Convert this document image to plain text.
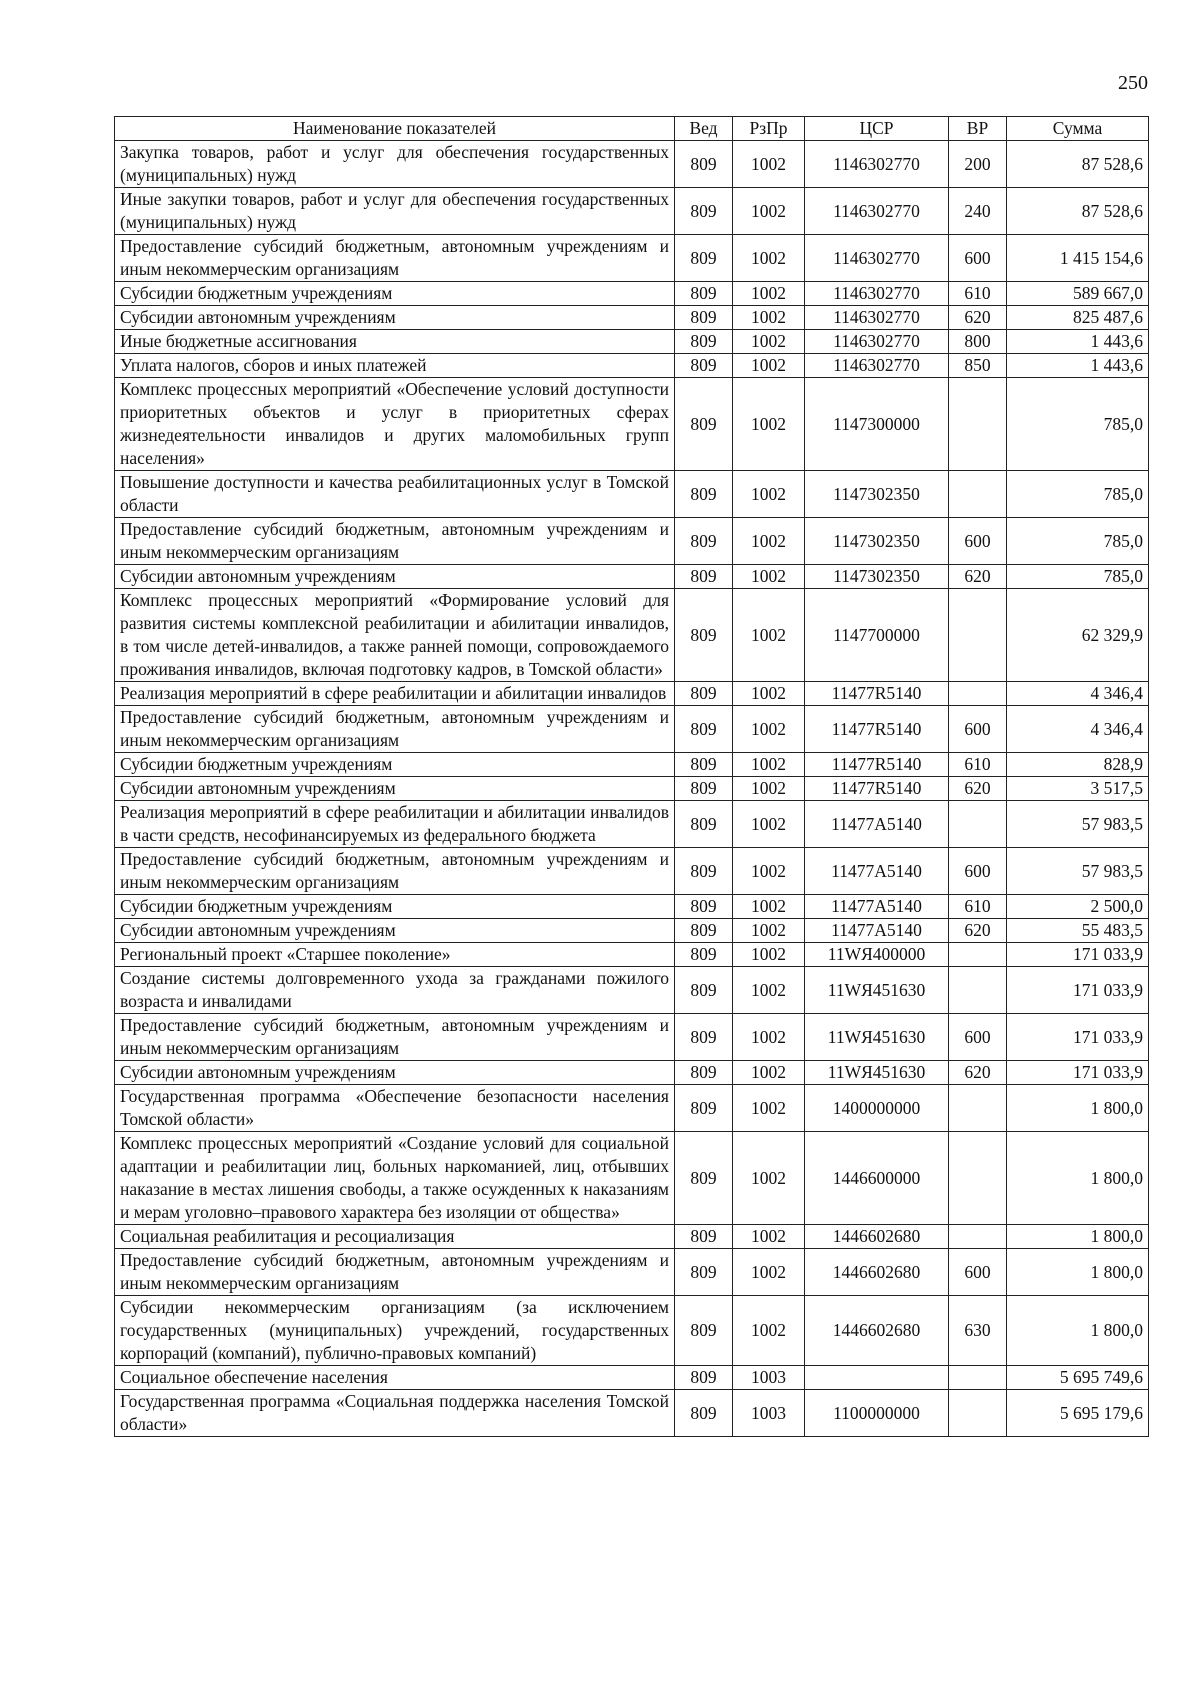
250
Наименование показателей	Вед	РзПр	ЦСР	ВР	Сумма
Закупка товаров, работ и услуг для обеспечения государственных (муниципальных) нужд	809	1002	1146302770	200	87 528,6
Иные закупки товаров, работ и услуг для обеспечения государственных (муниципальных) нужд	809	1002	1146302770	240	87 528,6
Предоставление субсидий бюджетным, автономным учреждениям и иным некоммерческим организациям	809	1002	1146302770	600	1 415 154,6
Субсидии бюджетным учреждениям	809	1002	1146302770	610	589 667,0
Субсидии автономным учреждениям	809	1002	1146302770	620	825 487,6
Иные бюджетные ассигнования	809	1002	1146302770	800	1 443,6
Уплата налогов, сборов и иных платежей	809	1002	1146302770	850	1 443,6
Комплекс процессных мероприятий «Обеспечение условий доступности приоритетных объектов и услуг в приоритетных сферах жизнедеятельности инвалидов и других маломобильных групп населения»	809	1002	1147300000		785,0
Повышение доступности и качества реабилитационных услуг в Томской области	809	1002	1147302350		785,0
Предоставление субсидий бюджетным, автономным учреждениям и иным некоммерческим организациям	809	1002	1147302350	600	785,0
Субсидии автономным учреждениям	809	1002	1147302350	620	785,0
Комплекс процессных мероприятий «Формирование условий для развития системы комплексной реабилитации и абилитации инвалидов, в том числе детей-инвалидов, а также ранней помощи, сопровождаемого проживания инвалидов, включая подготовку кадров, в Томской области»	809	1002	1147700000		62 329,9
Реализация мероприятий в сфере реабилитации и абилитации инвалидов	809	1002	11477R5140		4 346,4
Предоставление субсидий бюджетным, автономным учреждениям и иным некоммерческим организациям	809	1002	11477R5140	600	4 346,4
Субсидии бюджетным учреждениям	809	1002	11477R5140	610	828,9
Субсидии автономным учреждениям	809	1002	11477R5140	620	3 517,5
Реализация мероприятий в сфере реабилитации и абилитации инвалидов в части средств, несофинансируемых из федерального бюджета	809	1002	11477A5140		57 983,5
Предоставление субсидий бюджетным, автономным учреждениям и иным некоммерческим организациям	809	1002	11477A5140	600	57 983,5
Субсидии бюджетным учреждениям	809	1002	11477A5140	610	2 500,0
Субсидии автономным учреждениям	809	1002	11477A5140	620	55 483,5
Региональный проект «Старшее поколение»	809	1002	11WЯ400000		171 033,9
Создание системы долговременного ухода за гражданами пожилого возраста и инвалидами	809	1002	11WЯ451630		171 033,9
Предоставление субсидий бюджетным, автономным учреждениям и иным некоммерческим организациям	809	1002	11WЯ451630	600	171 033,9
Субсидии автономным учреждениям	809	1002	11WЯ451630	620	171 033,9
Государственная программа «Обеспечение безопасности населения Томской области»	809	1002	1400000000		1 800,0
Комплекс процессных мероприятий «Создание условий для социальной адаптации и реабилитации лиц, больных наркоманией, лиц, отбывших наказание в местах лишения свободы, а также осужденных к наказаниям и мерам уголовно–правового характера без изоляции от общества»	809	1002	1446600000		1 800,0
Социальная реабилитация и ресоциализация	809	1002	1446602680		1 800,0
Предоставление субсидий бюджетным, автономным учреждениям и иным некоммерческим организациям	809	1002	1446602680	600	1 800,0
Субсидии некоммерческим организациям (за исключением государственных (муниципальных) учреждений, государственных корпораций (компаний), публично-правовых компаний)	809	1002	1446602680	630	1 800,0
Социальное обеспечение населения	809	1003			5 695 749,6
Государственная программа «Социальная поддержка населения Томской области»	809	1003	1100000000		5 695 179,6
